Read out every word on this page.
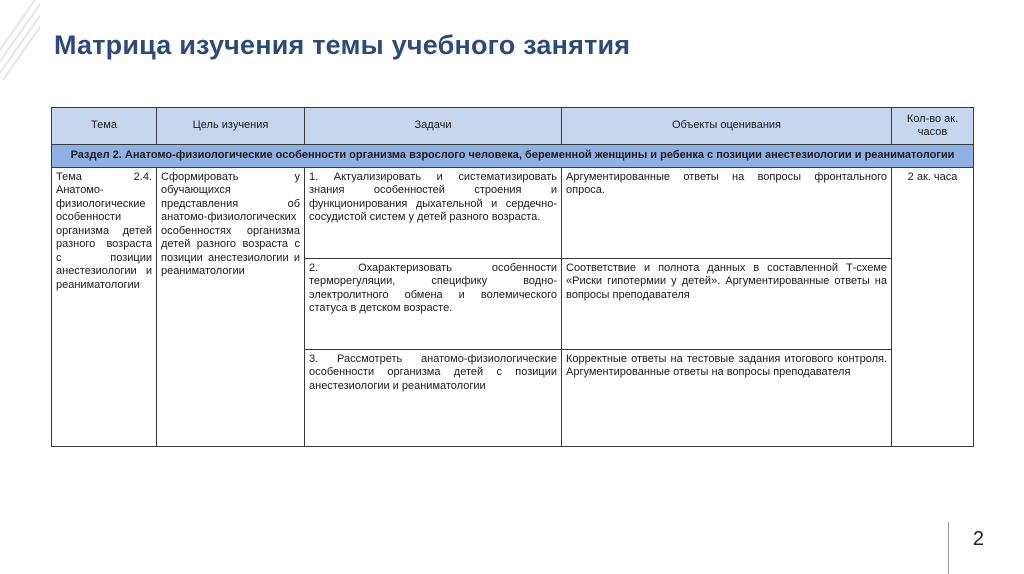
Матрица изучения темы учебного занятия
Тема	Цель изучения	Задачи	Объекты оценивания	Кол-во ак. часов
Раздел 2. Анатомо-физиологические особенности организма взрослого человека, беременной женщины и ребенка с позиции анестезиологии и реаниматологии				
Тема 2.4. Анатомо-физиологические особенности организма детей разного возраста с позиции анестезиологии и реаниматологии	Сформировать у обучающихся представления об анатомо-физиологических особенностях организма детей разного возраста с позиции анестезиологии и реаниматологии	1. Актуализировать и систематизировать знания особенностей строения и функционирования дыхательной и сердечно-сосудистой систем у детей разного возраста.	Аргументированные ответы на вопросы фронтального опроса.	2 ак. часа
		2. Охарактеризовать особенности терморегуляции, специфику водно-электролитного обмена и волемического статуса в детском возрасте.	Соответствие и полнота данных в составленной Т-схеме «Риски гипотермии у детей». Аргументированные ответы на вопросы преподавателя	
		3. Рассмотреть анатомо-физиологические особенности организма детей с позиции анестезиологии и реаниматологии	Корректные ответы на тестовые задания итогового контроля. Аргументированные ответы на вопросы преподавателя	
2
